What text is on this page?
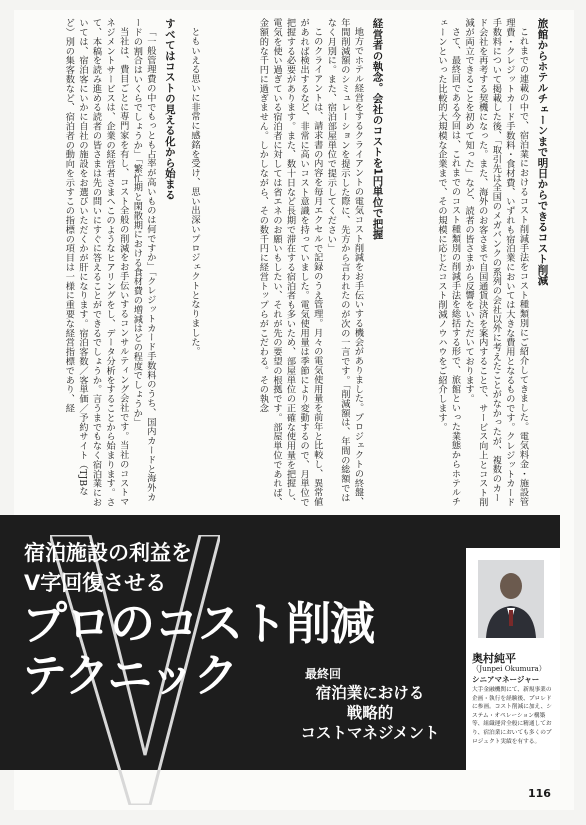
旅館からホテルチェーンまで明日からできるコスト削減

これまでの連載の中で、宿泊業におけるコスト削減手法をコスト種類別にご紹介してきました。電気料金・施設管理費・クレジットカード手数料・食材費、いずれも宿泊業においては大きな費用となるものです。クレジットカード手数料について掲載した後、「取引先は全国のメガバンクの系列の会社以外に考えたことがなかったが、複数のカード会社を再考する契機になった。また、海外のお客さまで自国通貨決済を案内することで、サービス向上とコスト削減が両立できることを初めて知った」など、読者の皆さまから反響をいただいております。

さて、最終回である今回は、これまでのコスト種類別の削減手法を総括する形で、旅館といった業態からホテルチェーンといった比較的大規模な企業まで、その規模に応じたコスト削減ノウハウをご紹介します。

経営者の執念。会社のコストを1円単位で把握

地方でホテル経営をするクライアントの電気コスト削減をお手伝いする機会がありました。プロジェクトの終盤、年間削減額のシミュレーションを提示した際に、先方から言われたのが次の一言です。「削減額は、年間の総額ではなく月別に。また、宿泊部屋単位で提示してください」

このクライアントは、請求書の内容を毎月エクセルで記録のうえ管理。月々の電気使用量を前年と比較し、異常値があれば検出するなど、非常に高いコスト意識を持っていました。電気使用量は季節により変動するので、月単位で把握する必要があります。また、数十日など長期で滞在する宿泊者も多いため、部屋単位の正確な使用量を把握し、電気を使い過ぎている宿泊者に対しては省エネのお願いもしたい、それが先の要望の根拠です。部屋単位であれば、金額的な千円に過ぎません。しかしながら、その数千円に経営トップらがこだわる。その執念

ともいえる思いに非常に感銘を受け、思い出深いプロジェクトとなりました。

すべてはコストの見える化から始まる

「一般管理費の中でもっとも占率が高いものは何ですか」「クレジットカード手数料のうち、国内カードと海外カードの割合はいくらでしょうか」「繁忙期と閑散期における食材費の増減はどの程度でしょうか」

当社は、費目ごとに専門家を有し、コスト全般の削減をお手伝いするコンサルティング会社です。当社のコストマネジメントサービスは、企業の経営者さまへこのようなヒアリングをし、データ分析をすることから始まります。さて、本稿を読み進める読者の皆さまは先の問いにすぐに答えることができるでしょうか。言うまでもなく宿泊業においては、宿泊客にいかに自社の施設をお選びいただくかが肝になります。宿泊客数／客単価／予約サイト（TJBなど）別の集客数など、宿泊者の動向を示すこの指標の項目は一様に重要な経営指標であり、経

宿泊施設の利益を
V字回復させる
プロのコスト削減
テクニック	最終回
宿泊業における
戦略的
コストマネジメント
奥村純平
（Junpei Okumura）
シニアマネージャー
大手金融機関にて、新規事業の企画・執行を経験後、プロレドに参画。コスト削減に加え、システム・オペレーション構築等、組織運営全般に精通しており、宿泊業においても多くのプロジェクト実績を有する。
116
